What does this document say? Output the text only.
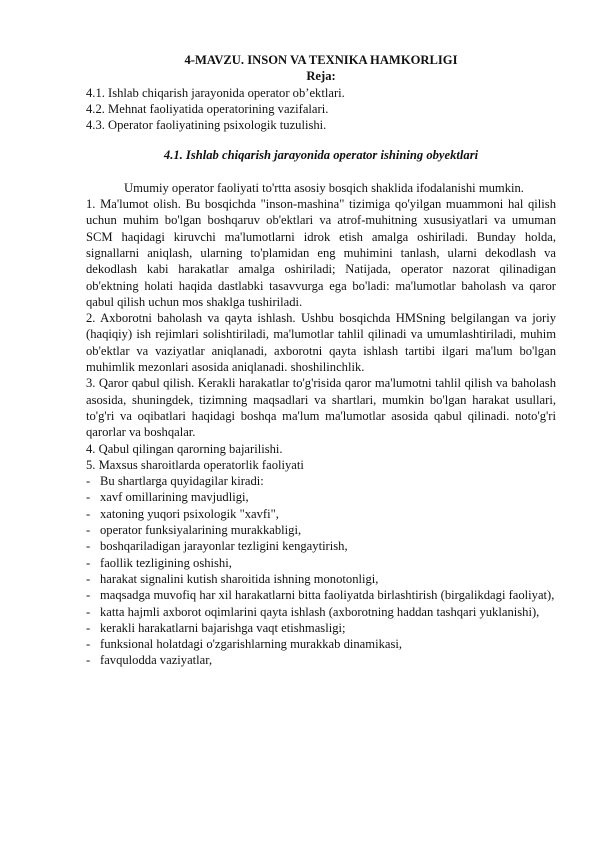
4-MAVZU. INSON VA TEXNIKA HAMKORLIGI

Reja:

4.1. Ishlab chiqarish jarayonida operator ob’ektlari.

4.2. Mehnat faoliyatida operatorining vazifalari.

4.3. Operator faoliyatining psixologik tuzulishi.

4.1. Ishlab chiqarish jarayonida operator ishining obyektlari

Umumiy operator faoliyati to'rtta asosiy bosqich shaklida ifodalanishi mumkin.

1. Ma'lumot olish. Bu bosqichda "inson-mashina" tizimiga qo'yilgan muammoni hal qilish uchun muhim bo'lgan boshqaruv ob'ektlari va atrof-muhitning xususiyatlari va umuman SCM haqidagi kiruvchi ma'lumotlarni idrok etish amalga oshiriladi. Bunday holda, signallarni aniqlash, ularning to'plamidan eng muhimini tanlash, ularni dekodlash va dekodlash kabi harakatlar amalga oshiriladi; Natijada, operator nazorat qilinadigan ob'ektning holati haqida dastlabki tasavvurga ega bo'ladi: ma'lumotlar baholash va qaror qabul qilish uchun mos shaklga tushiriladi.

2. Axborotni baholash va qayta ishlash. Ushbu bosqichda HMSning belgilangan va joriy (haqiqiy) ish rejimlari solishtiriladi, ma'lumotlar tahlil qilinadi va umumlashtiriladi, muhim ob'ektlar va vaziyatlar aniqlanadi, axborotni qayta ishlash tartibi ilgari ma'lum bo'lgan muhimlik mezonlari asosida aniqlanadi. shoshilinchlik.

3. Qaror qabul qilish. Kerakli harakatlar to'g'risida qaror ma'lumotni tahlil qilish va baholash asosida, shuningdek, tizimning maqsadlari va shartlari, mumkin bo'lgan harakat usullari, to'g'ri va oqibatlari haqidagi boshqa ma'lum ma'lumotlar asosida qabul qilinadi. noto'g'ri qarorlar va boshqalar.

4. Qabul qilingan qarorning bajarilishi.

5. Maxsus sharoitlarda operatorlik faoliyati

- Bu shartlarga quyidagilar kiradi:
- xavf omillarining mavjudligi,
- xatoning yuqori psixologik "xavfi",
- operator funksiyalarining murakkabligi,
- boshqariladigan jarayonlar tezligini kengaytirish,
- faollik tezligining oshishi,
- harakat signalini kutish sharoitida ishning monotonligi,
- maqsadga muvofiq har xil harakatlarni bitta faoliyatda birlashtirish (birgalikdagi faoliyat),
- katta hajmli axborot oqimlarini qayta ishlash (axborotning haddan tashqari yuklanishi),
- kerakli harakatlarni bajarishga vaqt etishmasligi;
- funksional holatdagi o'zgarishlarning murakkab dinamikasi,
- favqulodda vaziyatlar,
